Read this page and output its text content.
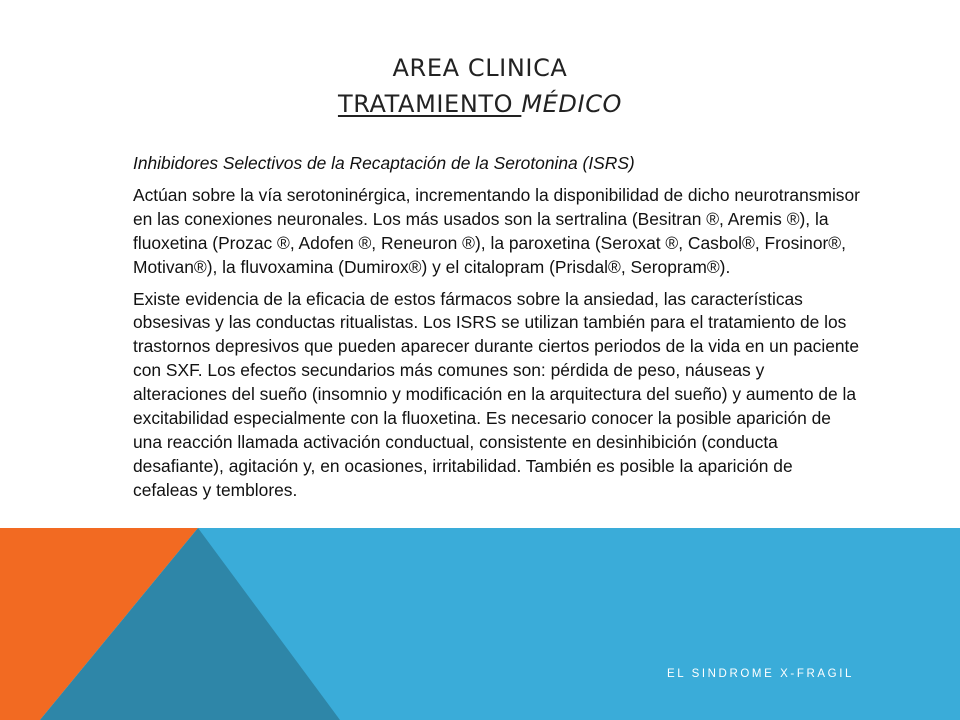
AREA CLINICA

TRATAMIENTO MÉDICO

Inhibidores Selectivos de la Recaptación de la Serotonina (ISRS)

Actúan sobre la vía serotoninérgica, incrementando la disponibilidad de dicho neurotransmisor en las conexiones neuronales. Los más usados son la sertralina (Besitran ®, Aremis ®), la fluoxetina (Prozac ®, Adofen ®, Reneuron ®), la paroxetina (Seroxat ®, Casbol®, Frosinor®, Motivan®), la fluvoxamina (Dumirox®) y el citalopram (Prisdal®, Seropram®).

Existe evidencia de la eficacia de estos fármacos sobre la ansiedad, las características obsesivas y las conductas ritualistas. Los ISRS se utilizan también para el tratamiento de los trastornos depresivos que pueden aparecer durante ciertos periodos de la vida en un paciente con SXF. Los efectos secundarios más comunes son: pérdida de peso, náuseas y alteraciones del sueño (insomnio y modificación en la arquitectura del sueño) y aumento de la excitabilidad especialmente con la fluoxetina. Es necesario conocer la posible aparición de una reacción llamada activación conductual, consistente en desinhibición (conducta desafiante), agitación y, en ocasiones, irritabilidad. También es posible la aparición de cefaleas y temblores.

EL SINDROME X-FRAGIL
